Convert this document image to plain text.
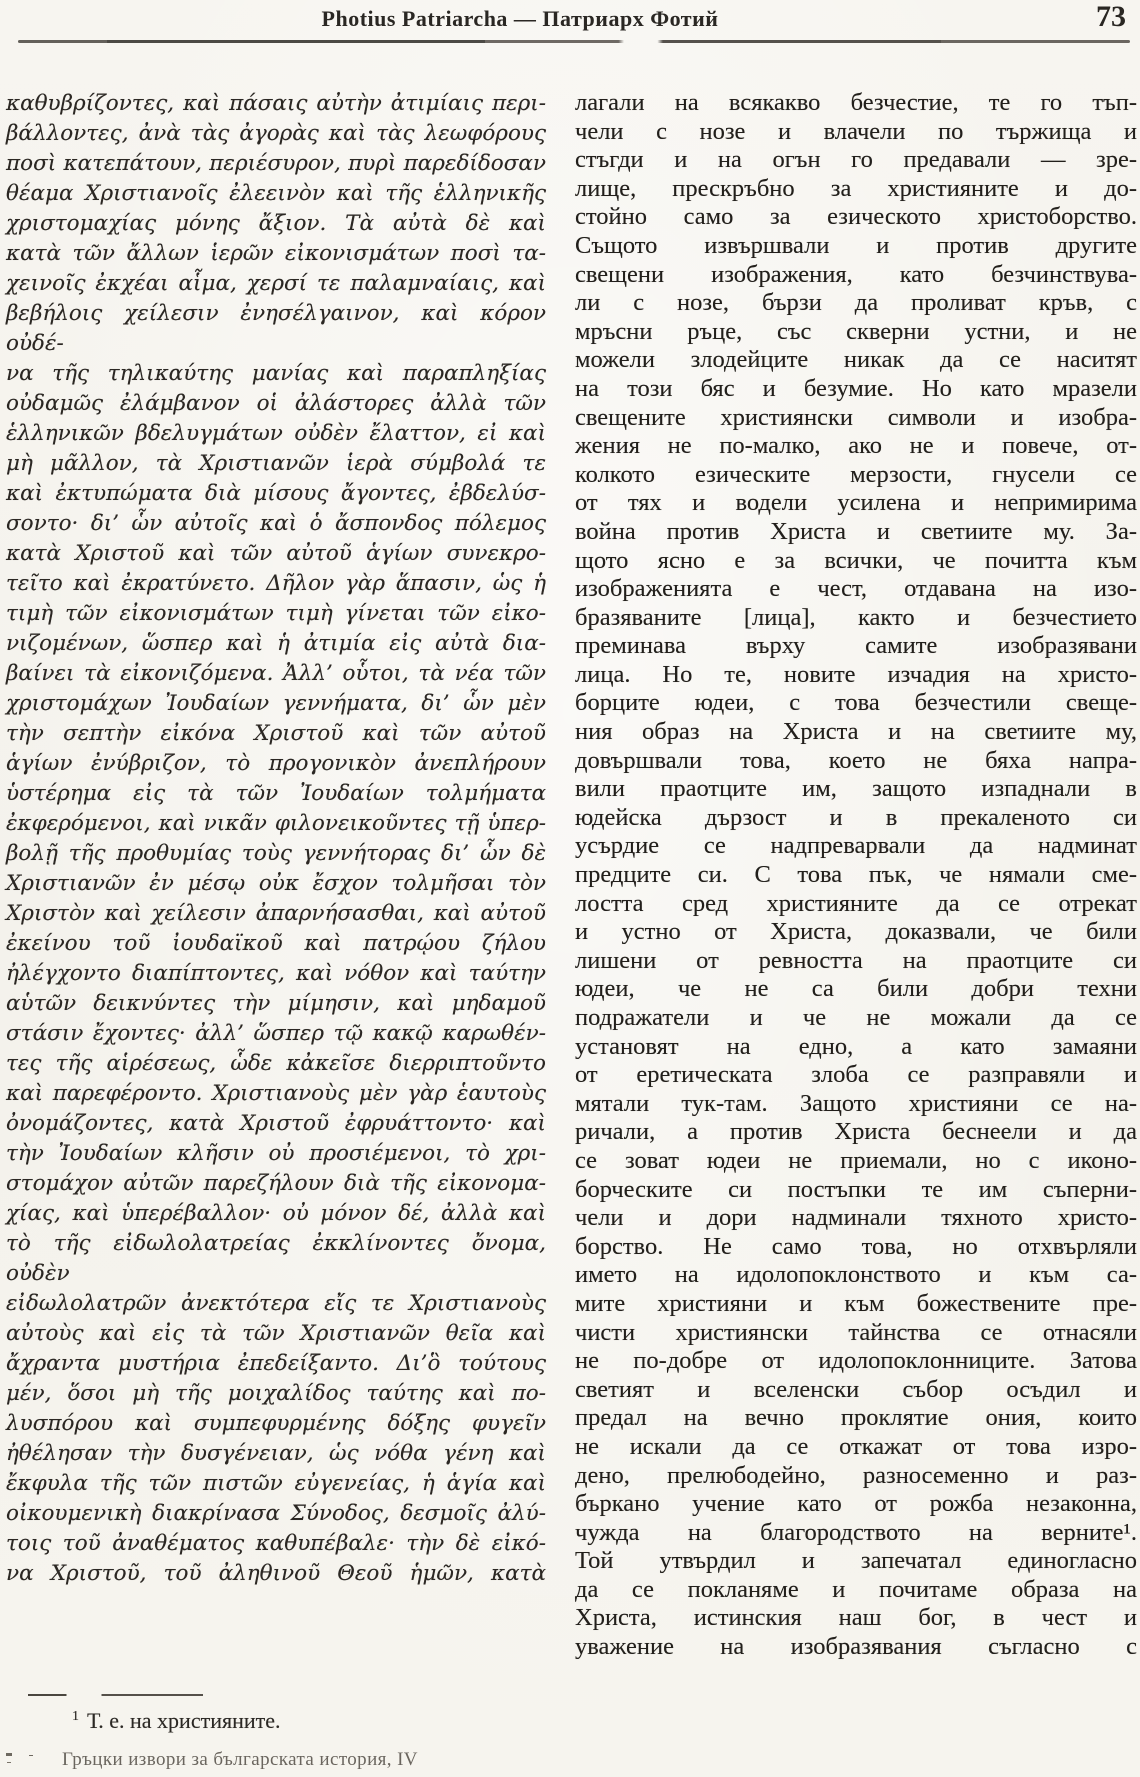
Photius Patriarcha — Патриарх Фотий	73
καθυβρίζοντες, καὶ πάσαις αὐτὴν ἀτιμίαις περι-
βάλλοντες, ἀνὰ τὰς ἀγορὰς καὶ τὰς λεωφόρους
ποσὶ κατεπάτουν, περιέσυρον, πυρὶ παρεδίδοσαν
θέαμα Χριστιανοῖς ἐλεεινὸν καὶ τῆς ἑλληνικῆς
χριστομαχίας μόνης ἄξιον. Τὰ αὐτὰ δὲ καὶ
κατὰ τῶν ἄλλων ἱερῶν εἰκονισμάτων ποσὶ τα-
χεινοῖς ἐκχέαι αἷμα, χερσί τε παλαμναίαις, καὶ
βεβήλοις χείλεσιν ἐνησέλγαινον, καὶ κόρον οὐδέ-
να τῆς τηλικαύτης μανίας καὶ παραπληξίας
οὐδαμῶς ἐλάμβανον οἱ ἀλάστορες ἀλλὰ τῶν
ἑλληνικῶν βδελυγμάτων οὐδὲν ἔλαττον, εἰ καὶ
μὴ μᾶλλον, τὰ Χριστιανῶν ἱερὰ σύμβολά τε
καὶ ἐκτυπώματα διὰ μίσους ἄγοντες, ἐβδελύσ-
σοντο· δι’ ὧν αὐτοῖς καὶ ὁ ἄσπονδος πόλεμος
κατὰ Χριστοῦ καὶ τῶν αὐτοῦ ἁγίων συνεκρο-
τεῖτο καὶ ἐκρατύνετο. Δῆλον γὰρ ἅπασιν, ὡς ἡ
τιμὴ τῶν εἰκονισμάτων τιμὴ γίνεται τῶν εἰκο-
νιζομένων, ὥσπερ καὶ ἡ ἀτιμία εἰς αὐτὰ δια-
βαίνει τὰ εἰκονιζόμενα. Ἀλλ’ οὗτοι, τὰ νέα τῶν
χριστομάχων Ἰουδαίων γεννήματα, δι’ ὧν μὲν
τὴν σεπτὴν εἰκόνα Χριστοῦ καὶ τῶν αὐτοῦ
ἁγίων ἐνύβριζον, τὸ προγονικὸν ἀνεπλήρουν
ὑστέρημα εἰς τὰ τῶν Ἰουδαίων τολμήματα
ἐκφερόμενοι, καὶ νικᾶν φιλονεικοῦντες τῇ ὑπερ-
βολῇ τῆς προθυμίας τοὺς γεννήτορας δι’ ὧν δὲ
Χριστιανῶν ἐν μέσῳ οὐκ ἔσχον τολμῆσαι τὸν
Χριστὸν καὶ χείλεσιν ἀπαρνήσασθαι, καὶ αὐτοῦ
ἐκείνου τοῦ ἰουδαϊκοῦ καὶ πατρῴου ζήλου
ἠλέγχοντο διαπίπτοντες, καὶ νόθον καὶ ταύτην
αὑτῶν δεικνύντες τὴν μίμησιν, καὶ μηδαμοῦ
στάσιν ἔχοντες· ἀλλ’ ὥσπερ τῷ κακῷ καρωθέν-
τες τῆς αἱρέσεως, ὧδε κἀκεῖσε διερριπτοῦντο
καὶ παρεφέροντο. Χριστιανοὺς μὲν γὰρ ἑαυτοὺς
ὀνομάζοντες, κατὰ Χριστοῦ ἐφρυάττοντο· καὶ
τὴν Ἰουδαίων κλῆσιν οὐ προσιέμενοι, τὸ χρι-
στομάχον αὐτῶν παρεζήλουν διὰ τῆς εἰκονομα-
χίας, καὶ ὑπερέβαλλον· οὐ μόνον δέ, ἀλλὰ καὶ
τὸ τῆς εἰδωλολατρείας ἐκκλίνοντες ὄνομα, οὐδὲν
εἰδωλολατρῶν ἀνεκτότερα εἴς τε Χριστιανοὺς
αὐτοὺς καὶ εἰς τὰ τῶν Χριστιανῶν θεῖα καὶ
ἄχραντα μυστήρια ἐπεδείξαντο. Δι’ὃ τούτους
μέν, ὅσοι μὴ τῆς μοιχαλίδος ταύτης καὶ πο-
λυσπόρου καὶ συμπεφυρμένης δόξης φυγεῖν
ἠθέλησαν τὴν δυσγένειαν, ὡς νόθα γένη καὶ
ἔκφυλα τῆς τῶν πιστῶν εὐγενείας, ἡ ἁγία καὶ
οἰκουμενικὴ διακρίνασα Σύνοδος, δεσμοῖς ἀλύ-
τοις τοῦ ἀναθέματος καθυπέβαλε· τὴν δὲ εἰκό-
να Χριστοῦ, τοῦ ἀληθινοῦ Θεοῦ ἡμῶν, κατὰ
лагали на всякакво безчестие, те го тъп-
чели с нозе и влачели по тържища и
стъгди и на огън го предавали — зре-
лище, прескръбно за християните и до-
стойно само за езическото христоборство.
Същото извършвали и против другите
свещени изображения, като безчинствува-
ли с нозе, бързи да проливат кръв, с
мръсни ръце, със скверни устни, и не
можели злодейците никак да се наситят
на този бяс и безумие. Но като мразели
свещените християнски символи и изобра-
жения не по-малко, ако не и повече, от-
колкото езическите мерзости, гнусели се
от тях и водели усилена и непримирима
война против Христа и светиите му. За-
щото ясно е за всички, че почитта към
изображенията е чест, отдавана на изо-
бразяваните [лица], както и безчестието
преминава върху самите изобразявани
лица. Но те, новите изчадия на христо-
борците юдеи, с това безчестили свеще-
ния образ на Христа и на светиите му,
довършвали това, което не бяха напра-
вили праотците им, защото изпаднали в
юдейска дързост и в прекаленото си
усърдие се надпреварвали да надминат
предците си. С това пък, че нямали сме-
лостта сред християните да се отрекат
и устно от Христа, доказвали, че били
лишени от ревността на праотците си
юдеи, че не са били добри техни
подражатели и че не можали да се
установят на едно, а като замаяни
от еретическата злоба се разправяли и
мятали тук-там. Защото християни се на-
ричали, а против Христа беснеели и да
се зоват юдеи не приемали, но с иконо-
борческите си постъпки те им съперни-
чели и дори надминали тяхното христо-
борство. Не само това, но отхвърляли
името на идолопоклонството и към са-
мите християни и към божествените пре-
чисти християнски тайнства се отнасяли
не по-добре от идолопоклонниците. Затова
светият и вселенски събор осъдил и
предал на вечно проклятие ония, които
не искали да се откажат от това изро-
дено, прелюбодейно, разносеменно и раз-
бъркано учение като от рожба незаконна,
чужда на благородството на верните¹.
Той утвърдил и запечатал единогласно
да се покланяме и почитаме образа на
Христа, истинския наш бог, в чест и
уважение на изобразявания съгласно с
$^1$ Т. е. на християните.
Гръцки извори за българската история, IV
